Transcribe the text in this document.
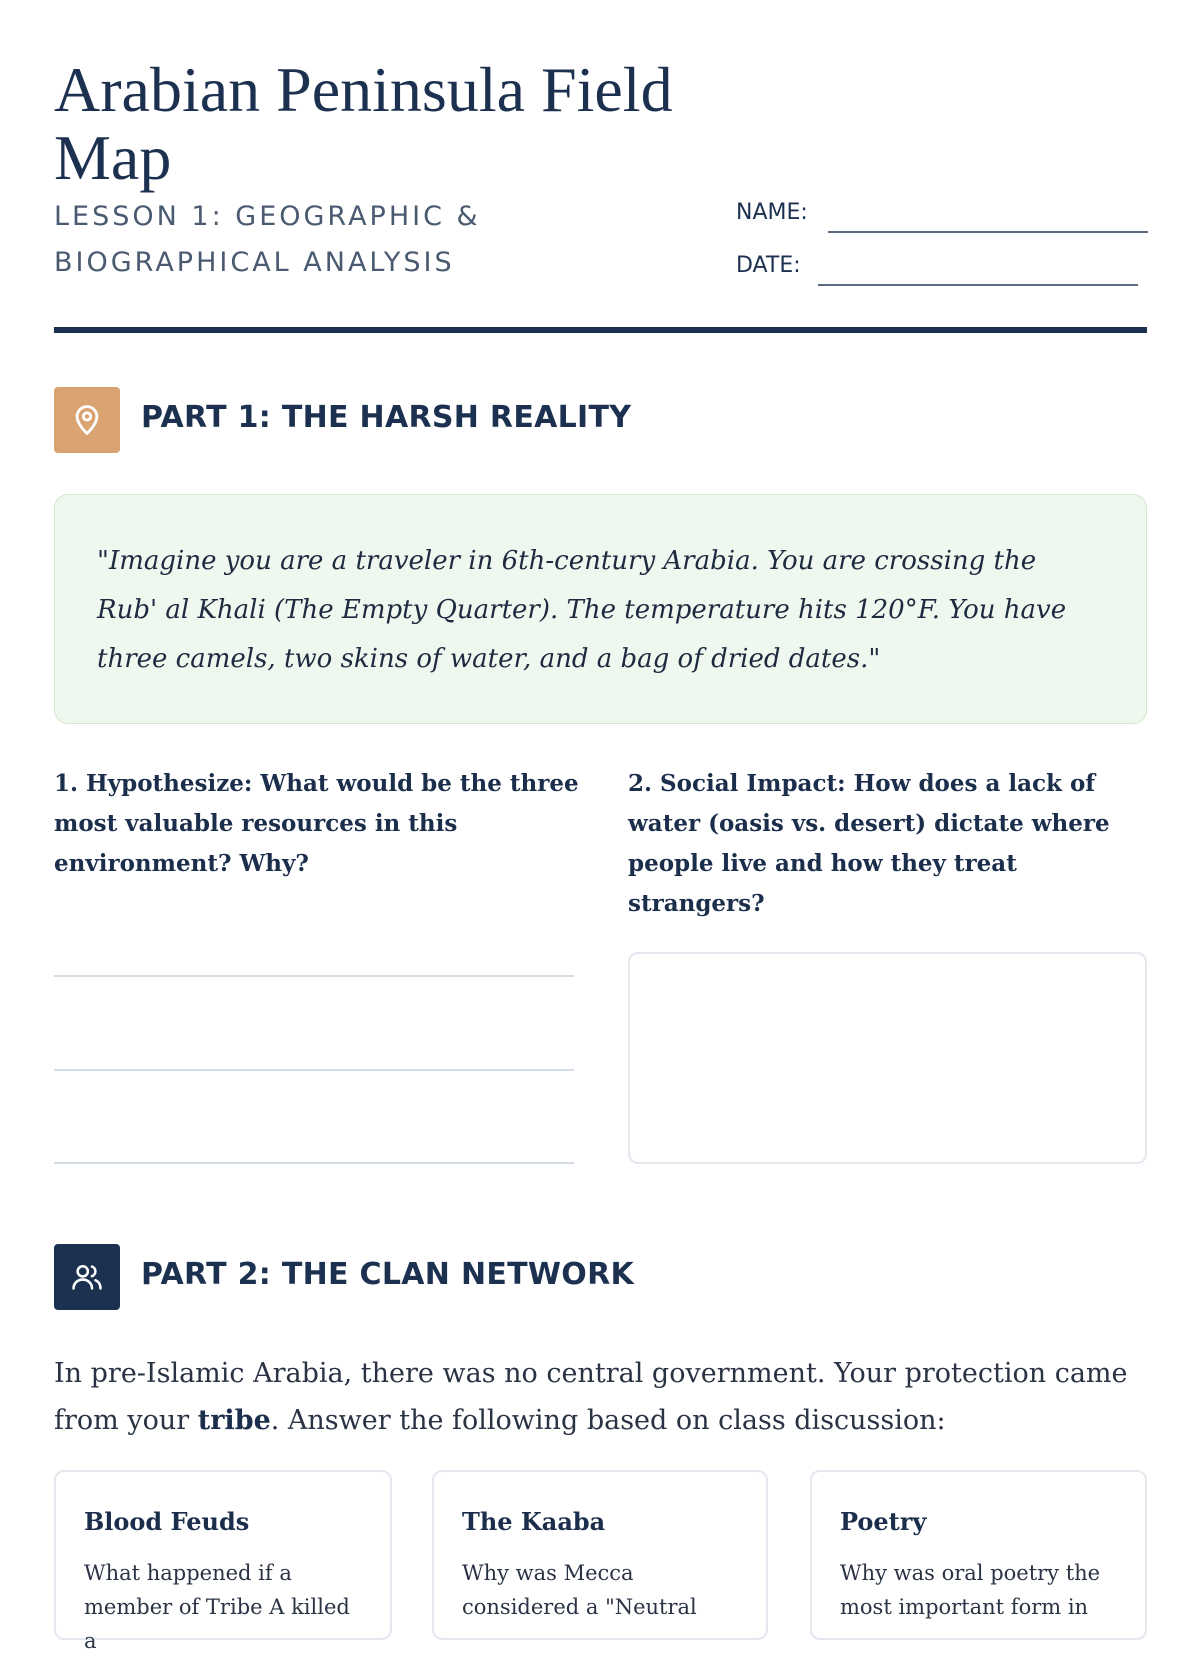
Arabian Peninsula Field Map
LESSON 1: GEOGRAPHIC & BIOGRAPHICAL ANALYSIS
NAME:
DATE:
PART 1: THE HARSH REALITY
"Imagine you are a traveler in 6th-century Arabia. You are crossing the Rub' al Khali (The Empty Quarter). The temperature hits 120°F. You have three camels, two skins of water, and a bag of dried dates."
1. Hypothesize: What would be the three most valuable resources in this environment? Why?
2. Social Impact: How does a lack of water (oasis vs. desert) dictate where people live and how they treat strangers?
PART 2: THE CLAN NETWORK

In pre-Islamic Arabia, there was no central government. Your protection came from your tribe. Answer the following based on class discussion:

Blood Feuds
What happened if a member of Tribe A killed a
The Kaaba
Why was Mecca considered a "Neutral
Poetry
Why was oral poetry the most important form in
